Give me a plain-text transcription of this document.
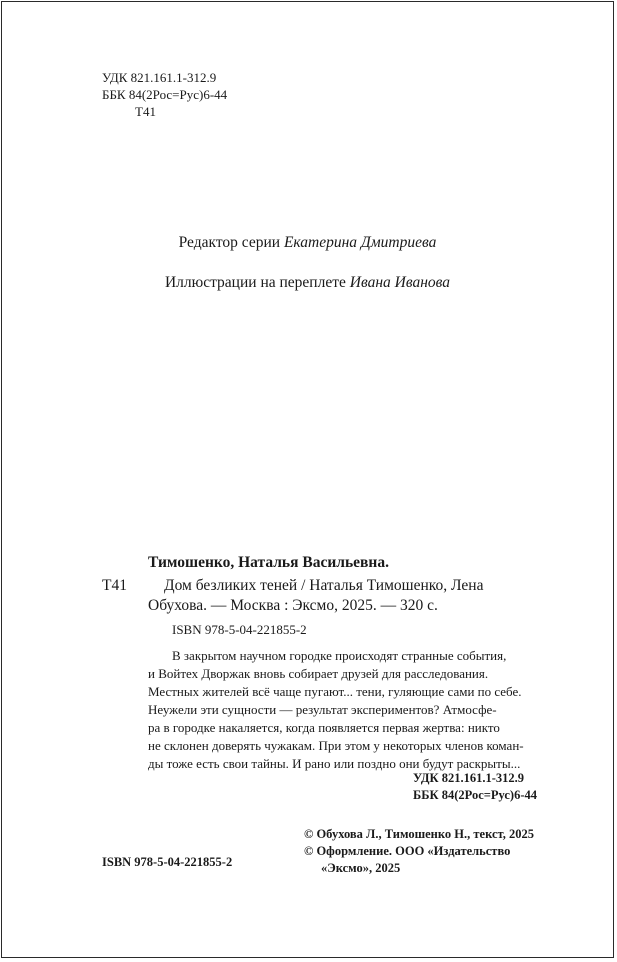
УДК 821.161.1-312.9
ББК 84(2Рос=Рус)6-44
Т41
Редактор серии Екатерина Дмитриева
Иллюстрации на переплете Ивана Иванова
Тимошенко, Наталья Васильевна.
Т41 Дом безликих теней / Наталья Тимошенко, Лена
Обухова. — Москва : Эксмо, 2025. — 320 с.
ISBN 978-5-04-221855-2
В закрытом научном городке происходят странные события,
и Войтех Дворжак вновь собирает друзей для расследования.
Местных жителей всё чаще пугают... тени, гуляющие сами по себе.
Неужели эти сущности — результат экспериментов? Атмосфе-
ра в городке накаляется, когда появляется первая жертва: никто
не склонен доверять чужакам. При этом у некоторых членов коман-
ды тоже есть свои тайны. И рано или поздно они будут раскрыты...
УДК 821.161.1-312.9
ББК 84(2Рос=Рус)6-44
© Обухова Л., Тимошенко Н., текст, 2025
© Оформление. ООО «Издательство
«Эксмо», 2025
ISBN 978-5-04-221855-2
